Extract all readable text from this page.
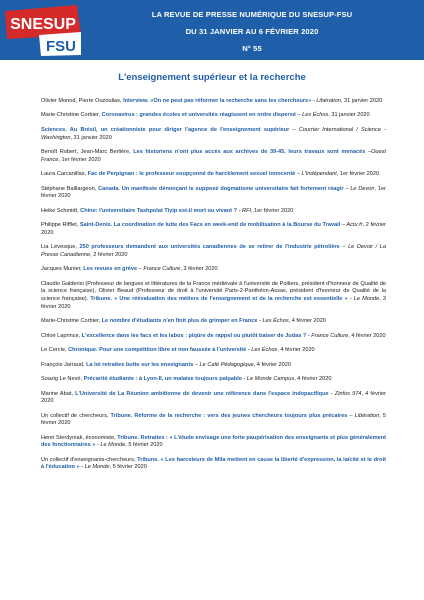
SNESUP
FSU
LA REVUE DE PRESSE NUMÉRIQUE DU SNESUP-FSU
DU 31 JANVIER AU 6 FÉVRIER 2020
N° 55
L'enseignement supérieur et la recherche

Olivier Monod, Pierre Ouzoulias, Interview. «On ne peut pas réformer la recherche sans les chercheurs» - Libération, 31 janvier 2020

Marie-Christine Corbier, Coronavirus : grandes écoles et universités réagissent en ordre dispersé – Les Échos, 31 janvier 2020

Sciences. Au Brésil, un créationniste pour diriger l'agence de l'enseignement supérieur – Courrier International / Science - Washington, 31 janvier 2020

Benoît Robert, Jean-Marc Berlière, Les historiens n'ont plus accès aux archives de 39-45, leurs travaux sont menacés –Ouest France, 1er février 2020

Laura Carcanillas, Fac de Perpignan : le professeur soupçonné de harcèlement sexuel innocenté – L'Indépendant, 1er février 2020

Stéphane Baillargeon, Canada. Un manifeste dénonçant le supposé dogmatisme universitaire fait fortement réagir – Le Devoir, 1er février 2020

Heike Schmidt, Chine: l'universitaire Tashpolat Tiyip est-il mort ou vivant ? - RFI, 1er février 2020

Philippe Rifflet, Saint-Denis. La coordination de lutte des Facs en week-end de mobilisation à la Bourse du Travail – Actu fr, 2 février 2020

Lia Lévesque, 250 professeurs demandent aux universités canadiennes de se retirer de l'industrie pétrolière – Le Devoir / La Presse Canadienne, 2 février 2020

Jacques Munier, Les revues en grève – France Culture, 3 février 2020

Claudio Galderisi (Professeur de langues et littératures de la France médiévale à l'université de Poitiers, président d'honneur de Qualité de la science française), Olivier Beaud (Professeur de droit à l'université Paris-2-Panthéon-Assas, président d'honneur de Qualité de la science française). Tribune. « Une réévaluation des métiers de l'enseignement et de la recherche est essentielle » - Le Monde, 3 février 2020

Marie-Christine Corbier, Le nombre d'étudiants n'en finit plus de grimper en France - Les Échos, 4 février 2020

Chloé Laprince, L'excellence dans les facs et les labos : piqûre de rappel ou plutôt baiser de Judas ? - France Culture, 4 février 2020

Le Cercle, Chronique. Pour une compétition libre et non faussée à l'université - Les Échos, 4 février 2020

François Jarraud, La loi retraites butte sur les enseignants – Le Café Pédagogique, 4 février 2020

Soazig Le Nevé, Précarité étudiante : à Lyon-II, un malaise toujours palpable - Le Monde Campus, 4 février 2020

Marine Abat, L'Université de La Réunion ambitionne de devenir une référence dans l'espace indopacifique - Zinfos 974, 4 février 2020

Un collectif de chercheurs, Tribune. Réforme de la recherche : vers des jeunes chercheurs toujours plus précaires – Libération, 5 février 2020

Henri Sterdyniak, économiste, Tribune. Retraites : « L'étude envisage une forte paupérisation des enseignants et plus généralement des fonctionnaires » - Le Monde, 5 février 2020

Un collectif d'enseignants-chercheurs, Tribune. « Les harceleurs de Mila mettent en cause la liberté d'expression, la laïcité et le droit à l'éducation » - Le Monde, 5 février 2020
